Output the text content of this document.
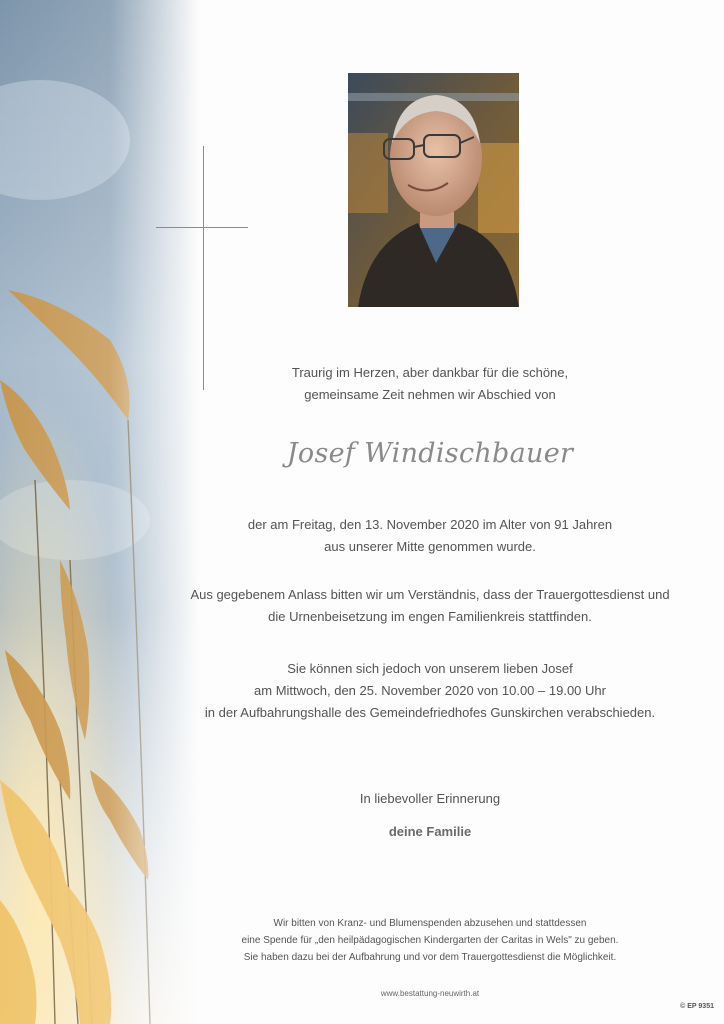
Traurig im Herzen, aber dankbar für die schöne,

gemeinsame Zeit nehmen wir Abschied von

Josef Windischbauer

der am Freitag, den 13. November 2020 im Alter von 91 Jahren

aus unserer Mitte genommen wurde.

Aus gegebenem Anlass bitten wir um Verständnis, dass der Trauergottesdienst und

die Urnenbeisetzung im engen Familienkreis stattfinden.

Sie können sich jedoch von unserem lieben Josef

am Mittwoch, den 25. November 2020 von 10.00 – 19.00 Uhr

in der Aufbahrungshalle des Gemeindefriedhofes Gunskirchen verabschieden.

In liebevoller Erinnerung

deine Familie

Wir bitten von Kranz- und Blumenspenden abzusehen und stattdessen

eine Spende für „den heilpädagogischen Kindergarten der Caritas in Wels" zu geben.

Sie haben dazu bei der Aufbahrung und vor dem Trauergottesdienst die Möglichkeit.

www.bestattung-neuwirth.at
© EP 9351
